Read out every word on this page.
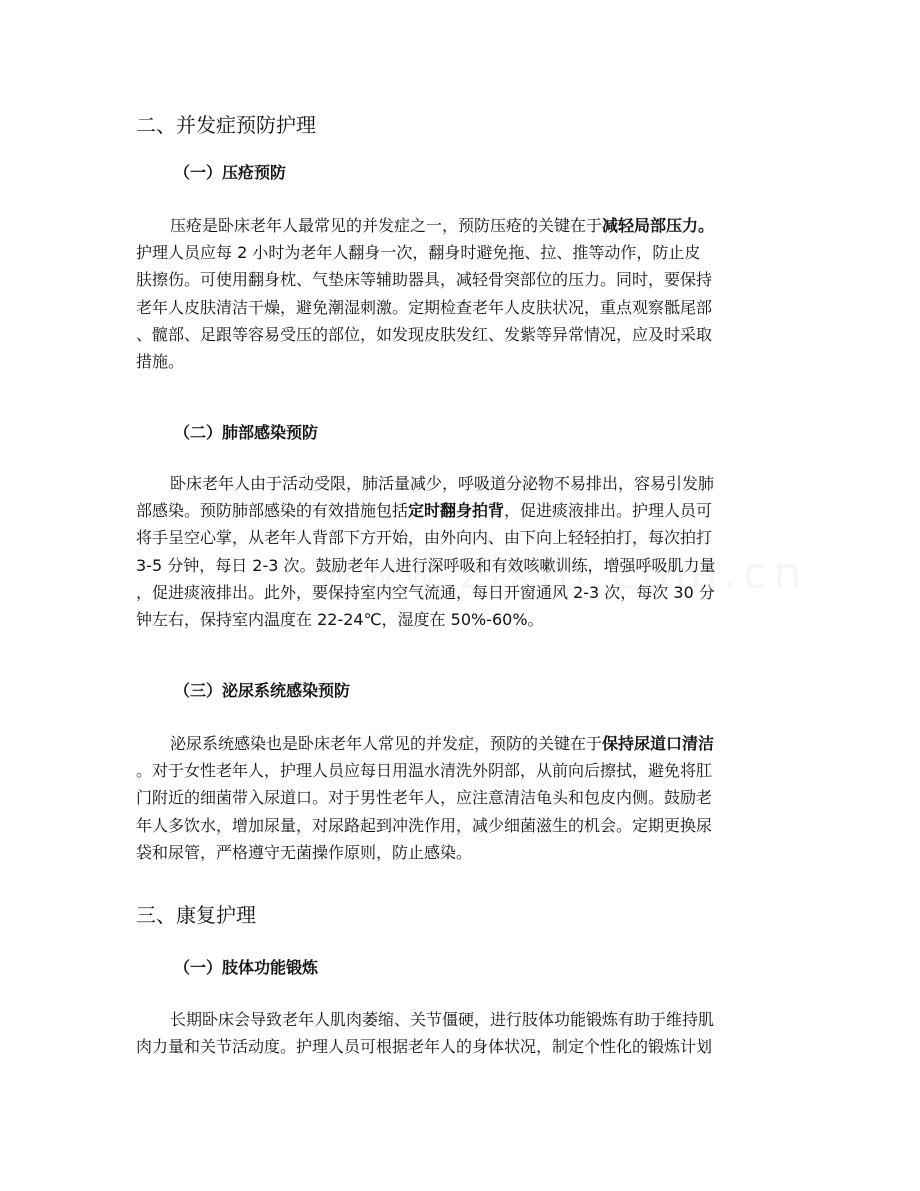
二、并发症预防护理
（一）压疮预防
压疮是卧床老年人最常见的并发症之一，预防压疮的关键在于减轻局部压力。
护理人员应每 2 小时为老年人翻身一次，翻身时避免拖、拉、推等动作，防止皮
肤擦伤。可使用翻身枕、气垫床等辅助器具，减轻骨突部位的压力。同时，要保持
老年人皮肤清洁干燥，避免潮湿刺激。定期检查老年人皮肤状况，重点观察骶尾部
、髋部、足跟等容易受压的部位，如发现皮肤发红、发紫等异常情况，应及时采取
措施。
（二）肺部感染预防
卧床老年人由于活动受限，肺活量减少，呼吸道分泌物不易排出，容易引发肺
部感染。预防肺部感染的有效措施包括定时翻身拍背，促进痰液排出。护理人员可
将手呈空心掌，从老年人背部下方开始，由外向内、由下向上轻轻拍打，每次拍打
3-5 分钟，每日 2-3 次。鼓励老年人进行深呼吸和有效咳嗽训练，增强呼吸肌力量
，促进痰液排出。此外，要保持室内空气流通，每日开窗通风 2-3 次，每次 30 分
钟左右，保持室内温度在 22-24℃，湿度在 50%-60%。
（三）泌尿系统感染预防
泌尿系统感染也是卧床老年人常见的并发症，预防的关键在于保持尿道口清洁
。对于女性老年人，护理人员应每日用温水清洗外阴部，从前向后擦拭，避免将肛
门附近的细菌带入尿道口。对于男性老年人，应注意清洁龟头和包皮内侧。鼓励老
年人多饮水，增加尿量，对尿路起到冲洗作用，减少细菌滋生的机会。定期更换尿
袋和尿管，严格遵守无菌操作原则，防止感染。
三、康复护理
（一）肢体功能锻炼
长期卧床会导致老年人肌肉萎缩、关节僵硬，进行肢体功能锻炼有助于维持肌
肉力量和关节活动度。护理人员可根据老年人的身体状况，制定个性化的锻炼计划
